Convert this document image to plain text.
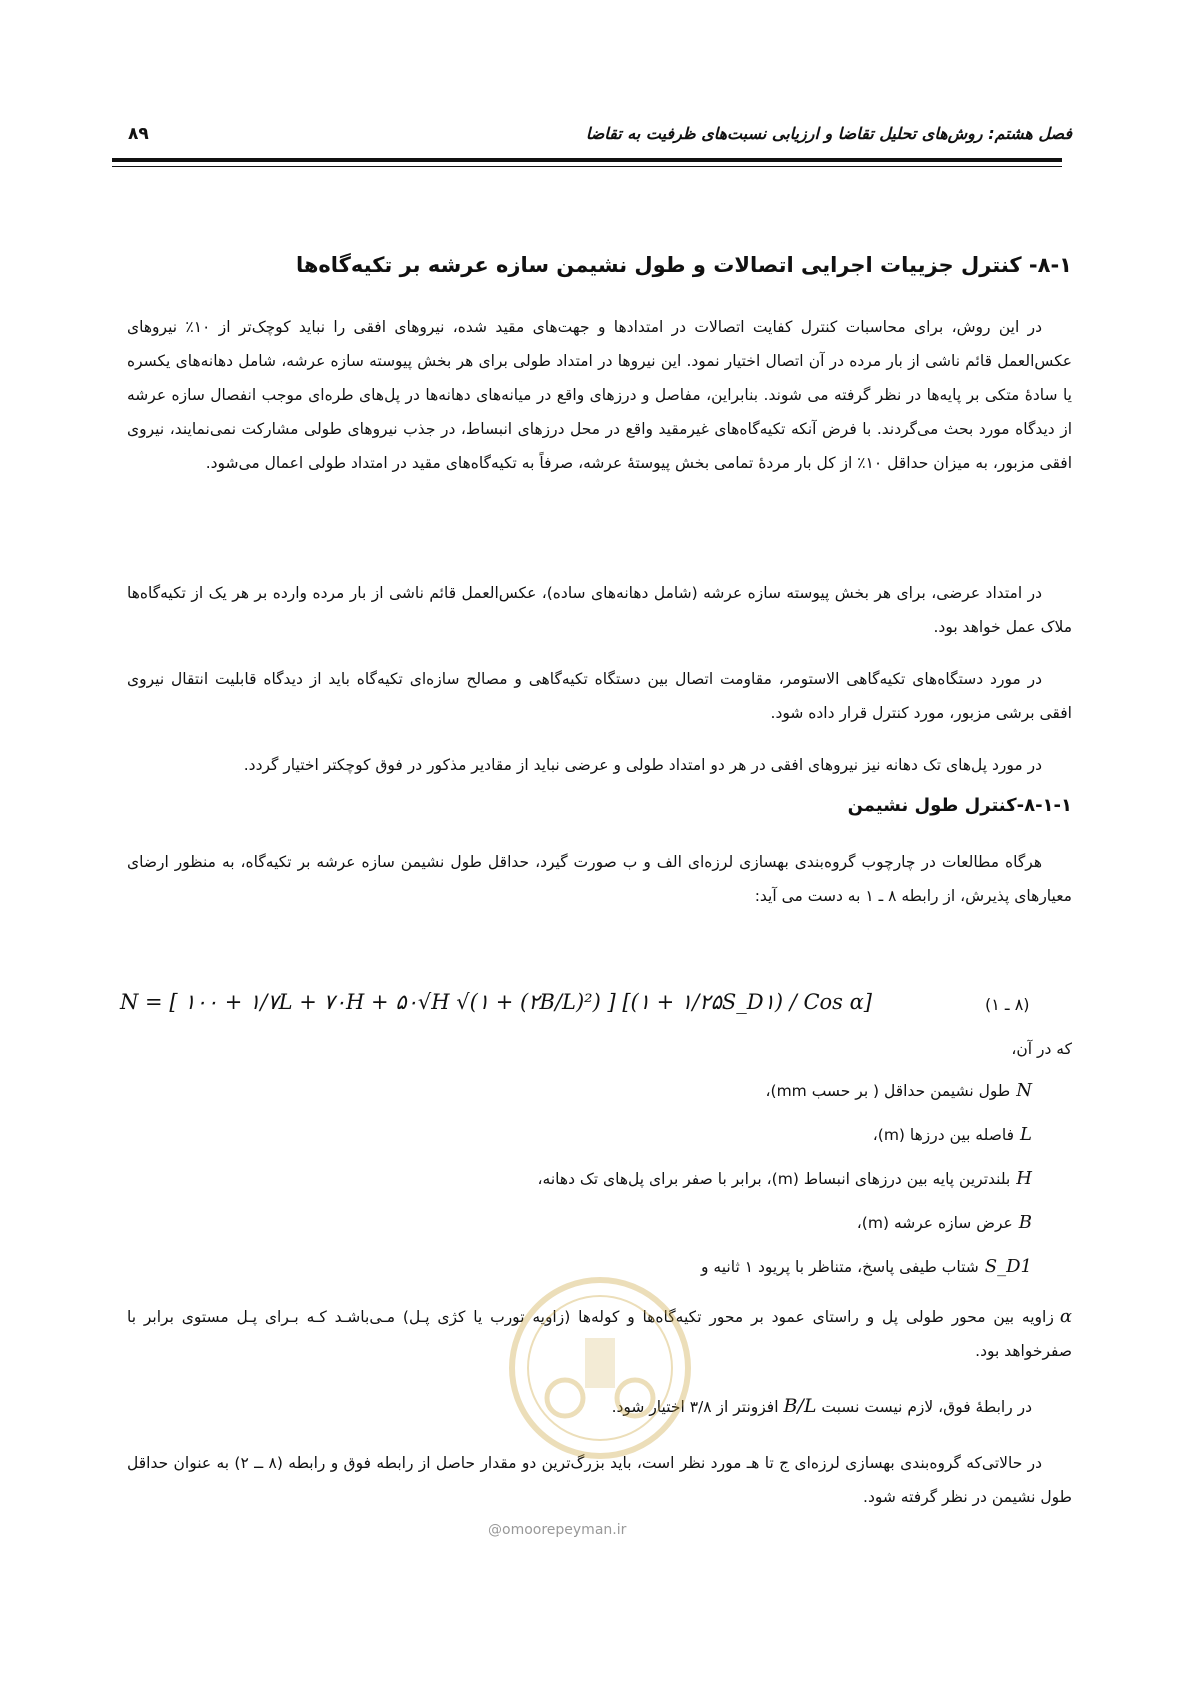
فصل هشتم: روش‌های تحلیل تقاضا و ارزیابی نسبت‌های ظرفیت به تقاضا
۸۹
۸-۱- کنترل جزییات اجرایی اتصالات و طول نشیمن سازه عرشه بر تکیه‌گاه‌ها
در این روش، برای محاسبات کنترل کفایت اتصالات در امتدادها و جهت‌های مقید شده، نیروهای افقی را نباید کوچک‌تر از ۱۰٪ نیروهای عکس‌العمل قائم ناشی از بار مرده در آن اتصال اختیار نمود. این نیروها در امتداد طولی برای هر بخش پیوسته سازه عرشه، شامل دهانه‌های یکسره یا سادهٔ متکی بر پایه‌ها در نظر گرفته می شوند. بنابراین، مفاصل و درزهای واقع در میانه‌های دهانه‌ها در پل‌های طره‌ای موجب انفصال سازه عرشه از دیدگاه مورد بحث می‌گردند. با فرض آنکه تکیه‌گاه‌های غیرمقید واقع در محل درزهای انبساط، در جذب نیروهای طولی مشارکت نمی‌نمایند، نیروی افقی مزبور، به میزان حداقل ۱۰٪ از کل بار مردهٔ تمامی بخش پیوستهٔ عرشه، صرفاً به تکیه‌گاه‌های مقید در امتداد طولی اعمال می‌شود.
در امتداد عرضی، برای هر بخش پیوسته سازه عرشه (شامل دهانه‌های ساده)، عکس‌العمل قائم ناشی از بار مرده وارده بر هر یک از تکیه‌گاه‌ها ملاک عمل خواهد بود.
در مورد دستگاه‌های تکیه‌گاهی الاستومر، مقاومت اتصال بین دستگاه تکیه‌گاهی و مصالح سازه‌ای تکیه‌گاه باید از دیدگاه قابلیت انتقال نیروی افقی برشی مزبور، مورد کنترل قرار داده شود.
در مورد پل‌های تک دهانه نیز نیروهای افقی در هر دو امتداد طولی و عرضی نباید از مقادیر مذکور در فوق کوچکتر اختیار گردد.
۸-۱-۱-کنترل طول نشیمن
هرگاه مطالعات در چارچوب گروه‌بندی بهسازی لرزه‌ای الف و ب صورت گیرد، حداقل طول نشیمن سازه عرشه بر تکیه‌گاه، به منظور ارضای معیارهای پذیرش، از رابطه ۸ ـ ۱ به دست می آید:
N = [ ۱۰۰ + ۱/۷L + ۷۰H + ۵۰√H √(۱ + (۲B/L)²) ] [(۱ + ۱/۲۵S_D۱) / Cos α]	(۸ ـ ۱)
که در آن،
Nطول نشیمن حداقل ( بر حسب mm)،
Lفاصله بین درزها (m)،
Hبلندترین پایه بین درزهای انبساط (m)، برابر با صفر برای پل‌های تک دهانه،
Bعرض سازه عرشه (m)،
S_D1شتاب طیفی پاسخ، متناظر با پریود ۱ ثانیه و
αزاویه بین محور طولی پل و راستای عمود بر محور تکیه‌گاه‌ها و کوله‌ها (زاویه تورب یا کژی پـل) مـی‌باشـد کـه بـرای پـل مستوی برابر با صفرخواهد بود.
در رابطهٔ فوق، لازم نیست نسبت B/L افزونتر از ۳/۸ اختیار شود.
در حالاتی‌که گروه‌بندی بهسازی لرزه‌ای ج تا هـ مورد نظر است، باید بزرگ‌ترین دو مقدار حاصل از رابطه فوق و رابطه (۸ ــ ۲) به عنوان حداقل طول نشیمن در نظر گرفته شود.
@omoorepeyman.ir
